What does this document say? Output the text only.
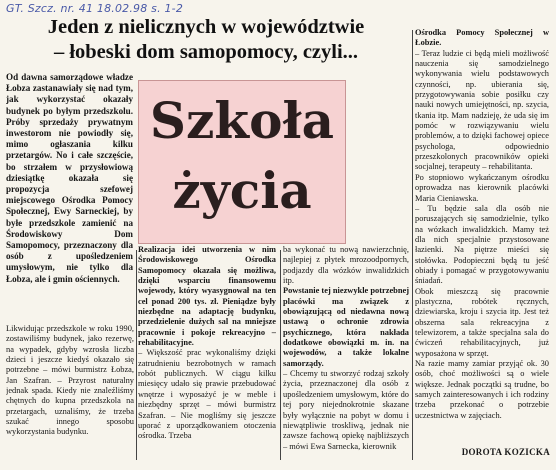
GT. Szcz. nr. 41 18.02.98 s. 1-2
Jeden z nielicznych w województwie
– łobeski dom samopomocy, czyli...
Szkoła
życia

Od dawna samorządowe władze Łobza zastanawiały się nad tym, jak wykorzystać okazały budynek po byłym przedszkolu. Próby sprzedaży prywatnym inwestorom nie powiodły się, mimo ogłaszania kilku przetargów. No i całe szczęście, bo strzałem w przysłowiową dziesiątkę okazała się propozycja szefowej miejscowego Ośrodka Pomocy Społecznej, Ewy Sarneckiej, by byłe przedszkole zamienić na Środowiskowy Dom Samopomocy, przeznaczony dla osób z upośledzeniem umysłowym, nie tylko dla Łobza, ale i gmin ościennych.

Likwidując przedszkole w roku 1990, zostawiliśmy budynek, jako rezerwę, na wypadek, gdyby wzrosła liczba dzieci i jeszcze kiedyś okazało się potrzebne – mówi burmistrz Łobza, Jan Szafran. – Przyrost naturalny jednak spada. Kiedy nie znaleźliśmy chętnych do kupna przedszkola na przetargach, uznaliśmy, że trzeba szukać innego sposobu wykorzystania budynku.

Realizacja idei utworzenia w nim Środowiskowego Ośrodka Samopomocy okazała się możliwa, dzięki wsparciu finansowemu wojewody, który wyasygnował na ten cel ponad 200 tys. zł. Pieniądze były niezbędne na adaptację budynku, przedzielenie dużych sal na mniejsze pracownie i pokoje rekreacyjno – rehabilitacyjne.

– Większość prac wykonaliśmy dzięki zatrudnieniu bezrobotnych w ramach robót publicznych. W ciągu kilku miesięcy udało się prawie przebudować wnętrze i wyposażyć je w meble i niezbędny sprzęt – mówi burmistrz Szafran. – Nie mogliśmy się jeszcze uporać z uporządkowaniem otoczenia ośrodka. Trzeba

ba wykonać tu nową nawierzchnię, najlepiej z płytek mrozoodpornych, podjazdy dla wózków inwalidzkich itp.

Powstanie tej niezwykle potrzebnej placówki ma związek z obowiązującą od niedawna nową ustawą o ochronie zdrowia psychicznego, która nakłada dodatkowe obowiązki m. in. na wojewodów, a także lokalne samorządy.

– Chcemy tu stworzyć rodzaj szkoły życia, przeznaczonej dla osób z upośledzeniem umysłowym, które do tej pory niejednokrotnie skazane były wyłącznie na pobyt w domu i niewątpliwie troskliwą, jednak nie zawsze fachową opiekę najbliższych – mówi Ewa Sarnecka, kierownik

Ośrodka Pomocy Społecznej w Łobzie.

– Teraz ludzie ci będą mieli możliwość nauczenia się samodzielnego wykonywania wielu podstawowych czynności, np. ubierania się, przygotowywania sobie posiłku czy nauki nowych umiejętności, np. szycia, tkania itp. Mam nadzieję, że uda się im pomóc w rozwiązywaniu wielu problemów, a to dzięki fachowej opiece psychologa, odpowiednio przeszkolonych pracowników opieki socjalnej, terapeuty – rehabilitanta.

Po stopniowo wykańczanym ośrodku oprowadza nas kierownik placówki Maria Cieniawska.

– Tu będzie sala dla osób nie poruszających się samodzielnie, tylko na wózkach inwalidzkich. Mamy też dla nich specjalnie przystosowane łazienki. Na piętrze mieści się stołówka. Podopieczni będą tu jeść obiady i pomagać w przygotowywaniu śniadań.

Obok mieszczą się pracownie plastyczna, robótek ręcznych, dziewiarska, kroju i szycia itp. Jest też obszerna sala rekreacyjna z telewizorem, a także specjalna sala do ćwiczeń rehabilitacyjnych, już wyposażona w sprzęt.

Na razie mamy zamiar przyjąć ok. 30 osób, choć możliwości są o wiele większe. Jednak początki są trudne, bo samych zainteresowanych i ich rodziny trzeba przekonać o potrzebie uczestnictwa w zajęciach.

DOROTA KOZICKA
